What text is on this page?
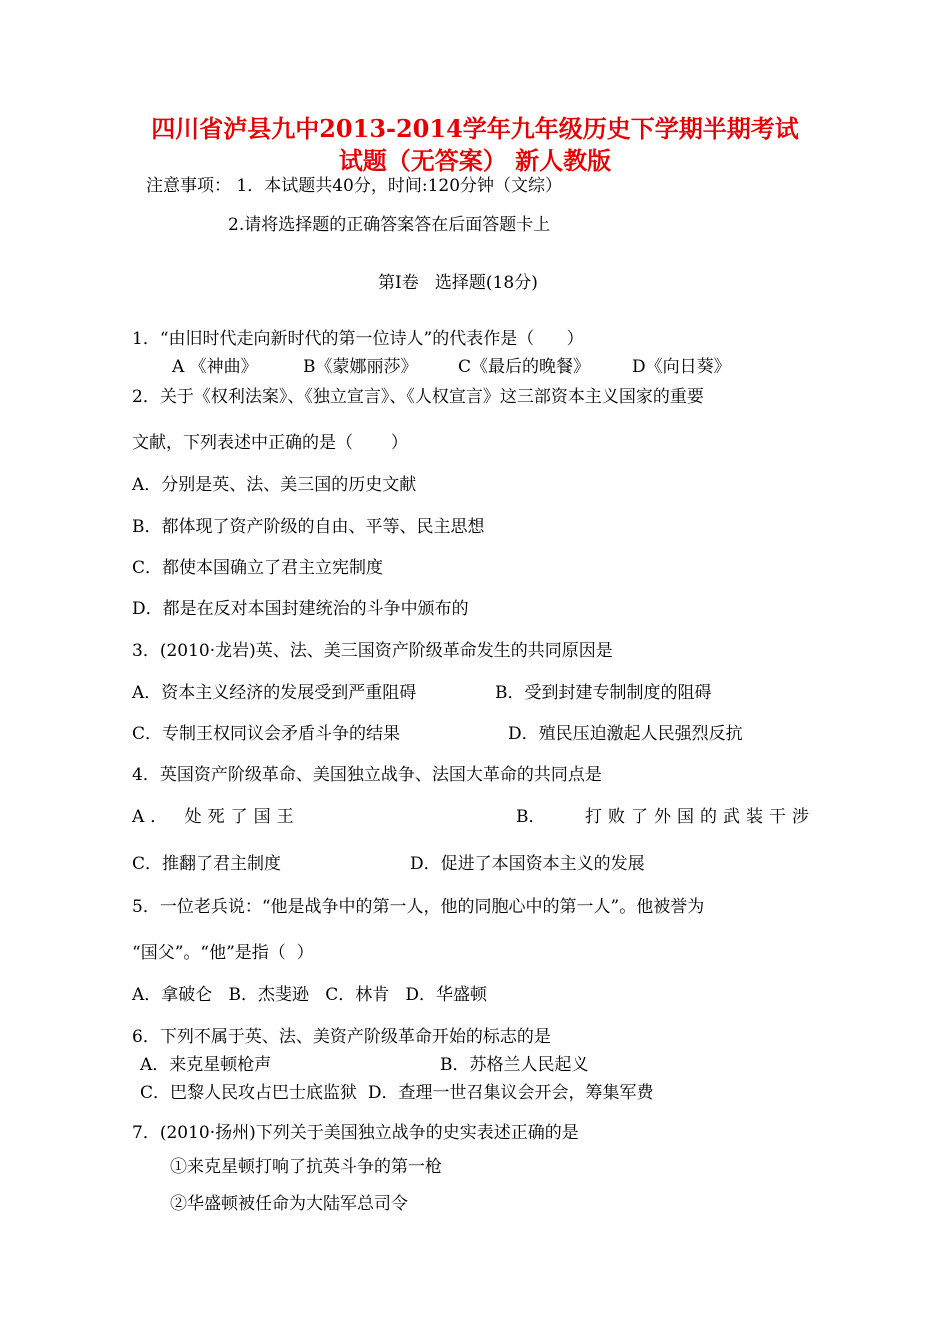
四川省泸县九中2013-2014学年九年级历史下学期半期考试
试题（无答案） 新人教版
注意事项： 1．本试题共40分，时间:120分钟（文综）
2.请将选择题的正确答案答在后面答题卡上
第Ⅰ卷   选择题(18分)
1．“由旧时代走向新时代的第一位诗人”的代表作是（      ）
A 《神曲》	B《蒙娜丽莎》 C《最后的晚餐》 D《向日葵》
2．关于《权利法案》、《独立宣言》、《人权宣言》这三部资本主义国家的重要
文献，下列表述中正确的是（       ）
A．分别是英、法、美三国的历史文献
B．都体现了资产阶级的自由、平等、民主思想
C．都使本国确立了君主立宪制度
D．都是在反对本国封建统治的斗争中颁布的
3．(2010·龙岩)英、法、美三国资产阶级革命发生的共同原因是
A．资本主义经济的发展受到严重阻碍	B．受到封建专制制度的阻碍
C．专制王权同议会矛盾斗争的结果	D．殖民压迫激起人民强烈反抗
4．英国资产阶级革命、美国独立战争、法国大革命的共同点是
A． 处死了国王	B． 打败了外国的武装干涉
C．推翻了君主制度	D．促进了本国资本主义的发展
5．一位老兵说：“他是战争中的第一人，他的同胞心中的第一人”。他被誉为
“国父”。“他”是指（  ）
A．拿破仑   B．杰斐逊   C．林肯   D．华盛顿
6．下列不属于英、法、美资产阶级革命开始的标志的是
A．来克星顿枪声	B．苏格兰人民起义
C．巴黎人民攻占巴士底监狱  D．查理一世召集议会开会，筹集军费
7．(2010·扬州)下列关于美国独立战争的史实表述正确的是
①来克星顿打响了抗英斗争的第一枪
②华盛顿被任命为大陆军总司令
